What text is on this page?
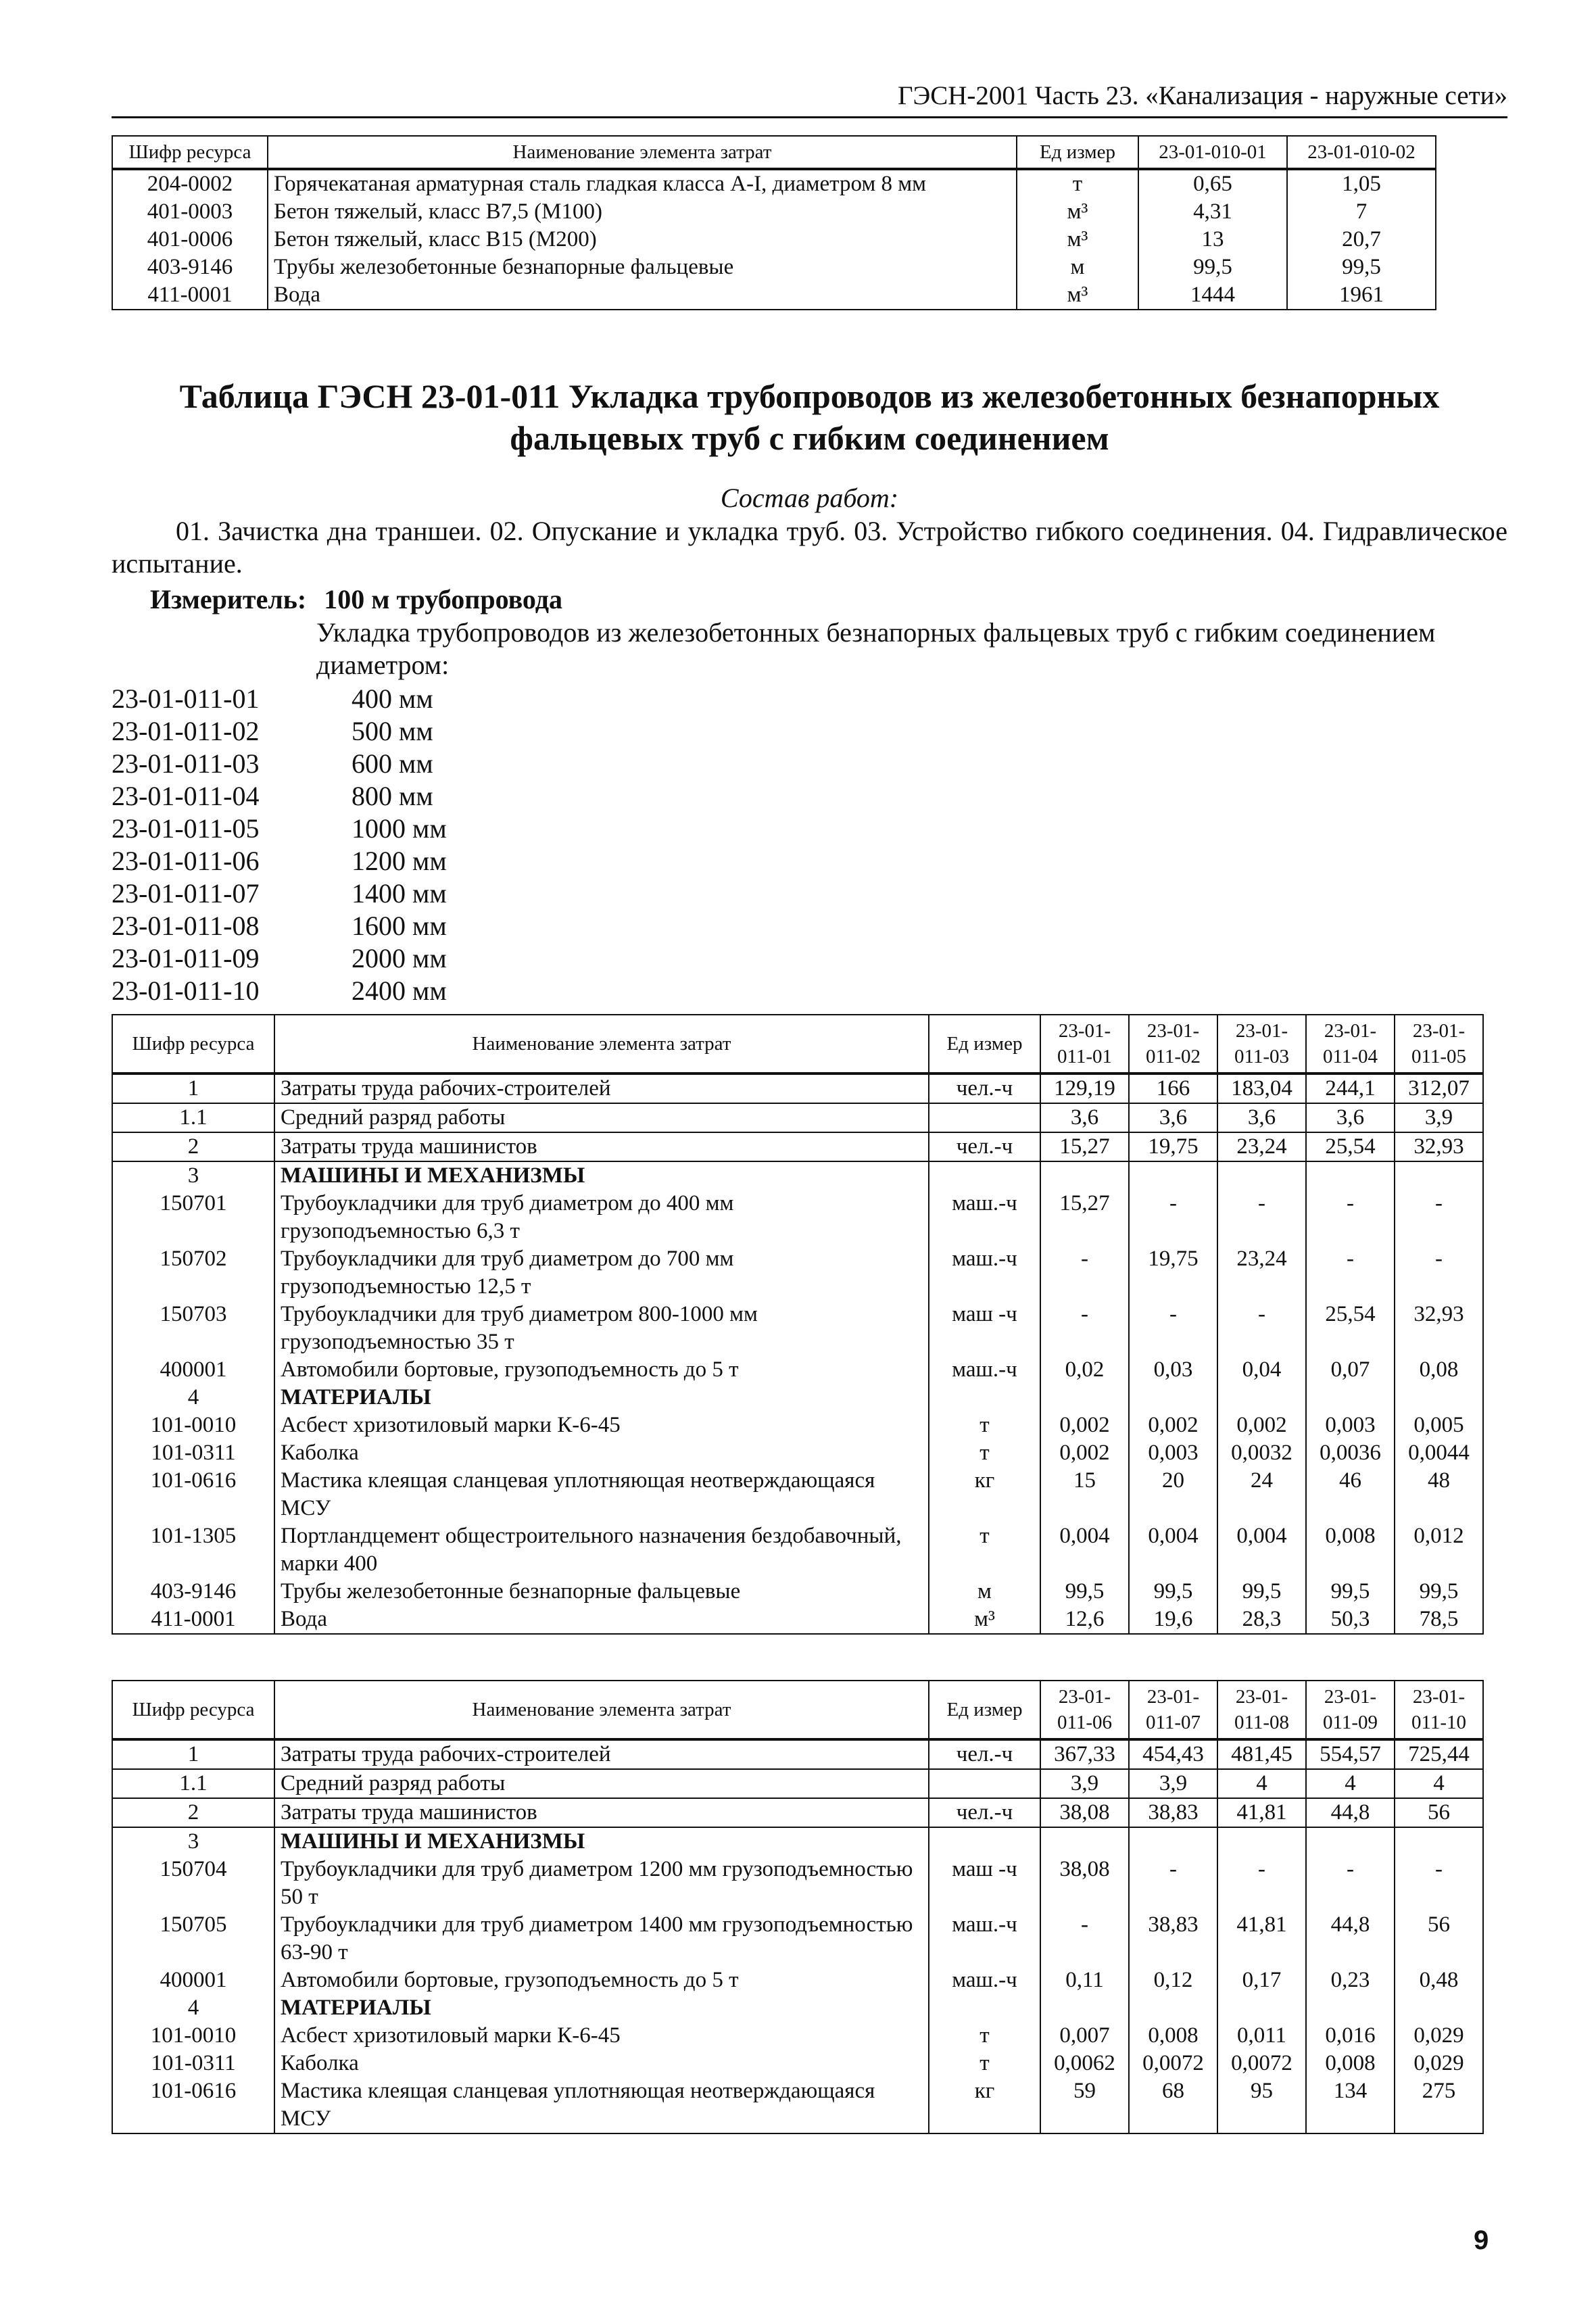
ГЭСН-2001 Часть 23. «Канализация - наружные сети»
Шифр ресурса	Наименование элемента затрат	Ед измер	23-01-010-01	23-01-010-02
204-0002	Горячекатаная арматурная сталь гладкая класса А-I, диаметром 8 мм	т	0,65	1,05
401-0003	Бетон тяжелый, класс В7,5 (М100)	м³	4,31	7
401-0006	Бетон тяжелый, класс В15 (М200)	м³	13	20,7
403-9146	Трубы железобетонные безнапорные фальцевые	м	99,5	99,5
411-0001	Вода	м³	1444	1961
Таблица ГЭСН 23-01-011 Укладка трубопроводов из железобетонных безнапорных фальцевых труб с гибким соединением
Состав работ:
01. Зачистка дна траншеи. 02. Опускание и укладка труб. 03. Устройство гибкого соединения. 04. Гидравлическое испытание.
Измеритель: 100 м трубопровода
Укладка трубопроводов из железобетонных безнапорных фальцевых труб с гибким соединением диаметром:
23-01-011-01	400 мм
23-01-011-02	500 мм
23-01-011-03	600 мм
23-01-011-04	800 мм
23-01-011-05	1000 мм
23-01-011-06	1200 мм
23-01-011-07	1400 мм
23-01-011-08	1600 мм
23-01-011-09	2000 мм
23-01-011-10	2400 мм
Шифр ресурса	Наименование элемента затрат	Ед измер	23-01-011-01	23-01-011-02	23-01-011-03	23-01-011-04	23-01-011-05
1	Затраты труда рабочих-строителей	чел.-ч	129,19	166	183,04	244,1	312,07
1.1	Средний разряд работы		3,6	3,6	3,6	3,6	3,9
2	Затраты труда машинистов	чел.-ч	15,27	19,75	23,24	25,54	32,93
3	МАШИНЫ И МЕХАНИЗМЫ						
150701	Трубоукладчики для труб диаметром до 400 мм грузоподъемностью 6,3 т	маш.-ч	15,27	-	-	-	-
150702	Трубоукладчики для труб диаметром до 700 мм грузоподъемностью 12,5 т	маш.-ч	-	19,75	23,24	-	-
150703	Трубоукладчики для труб диаметром 800-1000 мм грузоподъемностью 35 т	маш -ч	-	-	-	25,54	32,93
400001	Автомобили бортовые, грузоподъемность до 5 т	маш.-ч	0,02	0,03	0,04	0,07	0,08
4	МАТЕРИАЛЫ						
101-0010	Асбест хризотиловый марки К-6-45	т	0,002	0,002	0,002	0,003	0,005
101-0311	Каболка	т	0,002	0,003	0,0032	0,0036	0,0044
101-0616	Мастика клеящая сланцевая уплотняющая неотверждающаяся МСУ	кг	15	20	24	46	48
101-1305	Портландцемент общестроительного назначения бездобавочный, марки 400	т	0,004	0,004	0,004	0,008	0,012
403-9146	Трубы железобетонные безнапорные фальцевые	м	99,5	99,5	99,5	99,5	99,5
411-0001	Вода	м³	12,6	19,6	28,3	50,3	78,5
Шифр ресурса	Наименование элемента затрат	Ед измер	23-01-011-06	23-01-011-07	23-01-011-08	23-01-011-09	23-01-011-10
1	Затраты труда рабочих-строителей	чел.-ч	367,33	454,43	481,45	554,57	725,44
1.1	Средний разряд работы		3,9	3,9	4	4	4
2	Затраты труда машинистов	чел.-ч	38,08	38,83	41,81	44,8	56
3	МАШИНЫ И МЕХАНИЗМЫ						
150704	Трубоукладчики для труб диаметром 1200 мм грузоподъемностью 50 т	маш -ч	38,08	-	-	-	-
150705	Трубоукладчики для труб диаметром 1400 мм грузоподъемностью 63-90 т	маш.-ч	-	38,83	41,81	44,8	56
400001	Автомобили бортовые, грузоподъемность до 5 т	маш.-ч	0,11	0,12	0,17	0,23	0,48
4	МАТЕРИАЛЫ						
101-0010	Асбест хризотиловый марки К-6-45	т	0,007	0,008	0,011	0,016	0,029
101-0311	Каболка	т	0,0062	0,0072	0,0072	0,008	0,029
101-0616	Мастика клеящая сланцевая уплотняющая неотверждающаяся МСУ	кг	59	68	95	134	275
9
